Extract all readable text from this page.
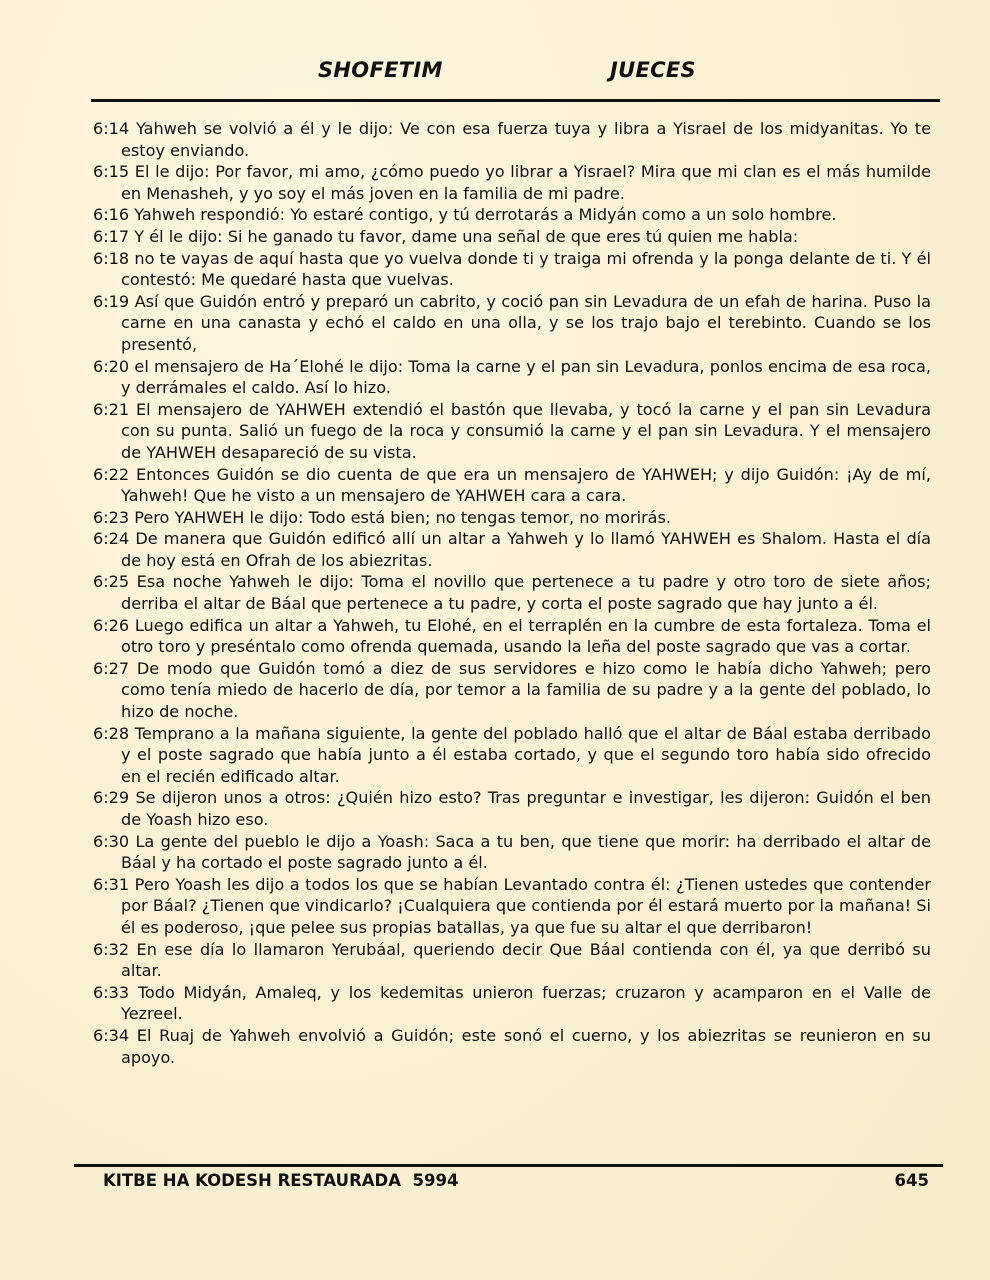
SHOFETIM	JUECES

6:14 Yahweh se volvió a él y le dijo: Ve con esa fuerza tuya y libra a Yisrael de los midyanitas. Yo te estoy enviando.

6:15 El le dijo: Por favor, mi amo, ¿cómo puedo yo librar a Yisrael? Mira que mi clan es el más humilde en Menasheh, y yo soy el más joven en la familia de mi padre.

6:16 Yahweh respondió: Yo estaré contigo, y tú derrotarás a Midyán como a un solo hombre.

6:17 Y él le dijo: Si he ganado tu favor, dame una señal de que eres tú quien me habla:

6:18 no te vayas de aquí hasta que yo vuelva donde ti y traiga mi ofrenda y la ponga delante de ti. Y él contestó: Me quedaré hasta que vuelvas.

6:19 Así que Guidón entró y preparó un cabrito, y coció pan sin Levadura de un efah de harina. Puso la carne en una canasta y echó el caldo en una olla, y se los trajo bajo el terebinto. Cuando se los presentó,

6:20 el mensajero de Ha´Elohé le dijo: Toma la carne y el pan sin Levadura, ponlos encima de esa roca, y derrámales el caldo. Así lo hizo.

6:21 El mensajero de YAHWEH extendió el bastón que llevaba, y tocó la carne y el pan sin Levadura con su punta. Salió un fuego de la roca y consumió la carne y el pan sin Levadura. Y el mensajero de YAHWEH desapareció de su vista.

6:22 Entonces Guidón se dio cuenta de que era un mensajero de YAHWEH; y dijo Guidón: ¡Ay de mí, Yahweh! Que he visto a un mensajero de YAHWEH cara a cara.

6:23 Pero YAHWEH le dijo: Todo está bien; no tengas temor, no morirás.

6:24 De manera que Guidón edificó allí un altar a Yahweh y lo llamó YAHWEH es Shalom. Hasta el día de hoy está en Ofrah de los abiezritas.

6:25 Esa noche Yahweh le dijo: Toma el novillo que pertenece a tu padre y otro toro de siete años; derriba el altar de Báal que pertenece a tu padre, y corta el poste sagrado que hay junto a él.

6:26 Luego edifica un altar a Yahweh, tu Elohé, en el terraplén en la cumbre de esta fortaleza. Toma el otro toro y preséntalo como ofrenda quemada, usando la leña del poste sagrado que vas a cortar.

6:27 De modo que Guidón tomó a diez de sus servidores e hizo como le había dicho Yahweh; pero como tenía miedo de hacerlo de día, por temor a la familia de su padre y a la gente del poblado, lo hizo de noche.

6:28 Temprano a la mañana siguiente, la gente del poblado halló que el altar de Báal estaba derribado y el poste sagrado que había junto a él estaba cortado, y que el segundo toro había sido ofrecido en el recién edificado altar.

6:29 Se dijeron unos a otros: ¿Quién hizo esto? Tras preguntar e investigar, les dijeron: Guidón el ben de Yoash hizo eso.

6:30 La gente del pueblo le dijo a Yoash: Saca a tu ben, que tiene que morir: ha derribado el altar de Báal y ha cortado el poste sagrado junto a él.

6:31 Pero Yoash les dijo a todos los que se habían Levantado contra él: ¿Tienen ustedes que contender por Báal? ¿Tienen que vindicarlo? ¡Cualquiera que contienda por él estará muerto por la mañana! Si él es poderoso, ¡que pelee sus propias batallas, ya que fue su altar el que derribaron!

6:32 En ese día lo llamaron Yerubáal, queriendo decir Que Báal contienda con él, ya que derribó su altar.

6:33 Todo Midyán, Amaleq, y los kedemitas unieron fuerzas; cruzaron y acamparon en el Valle de Yezreel.

6:34 El Ruaj de Yahweh envolvió a Guidón; este sonó el cuerno, y los abiezritas se reunieron en su apoyo.

KITBE HA KODESH RESTAURADA  5994	645
